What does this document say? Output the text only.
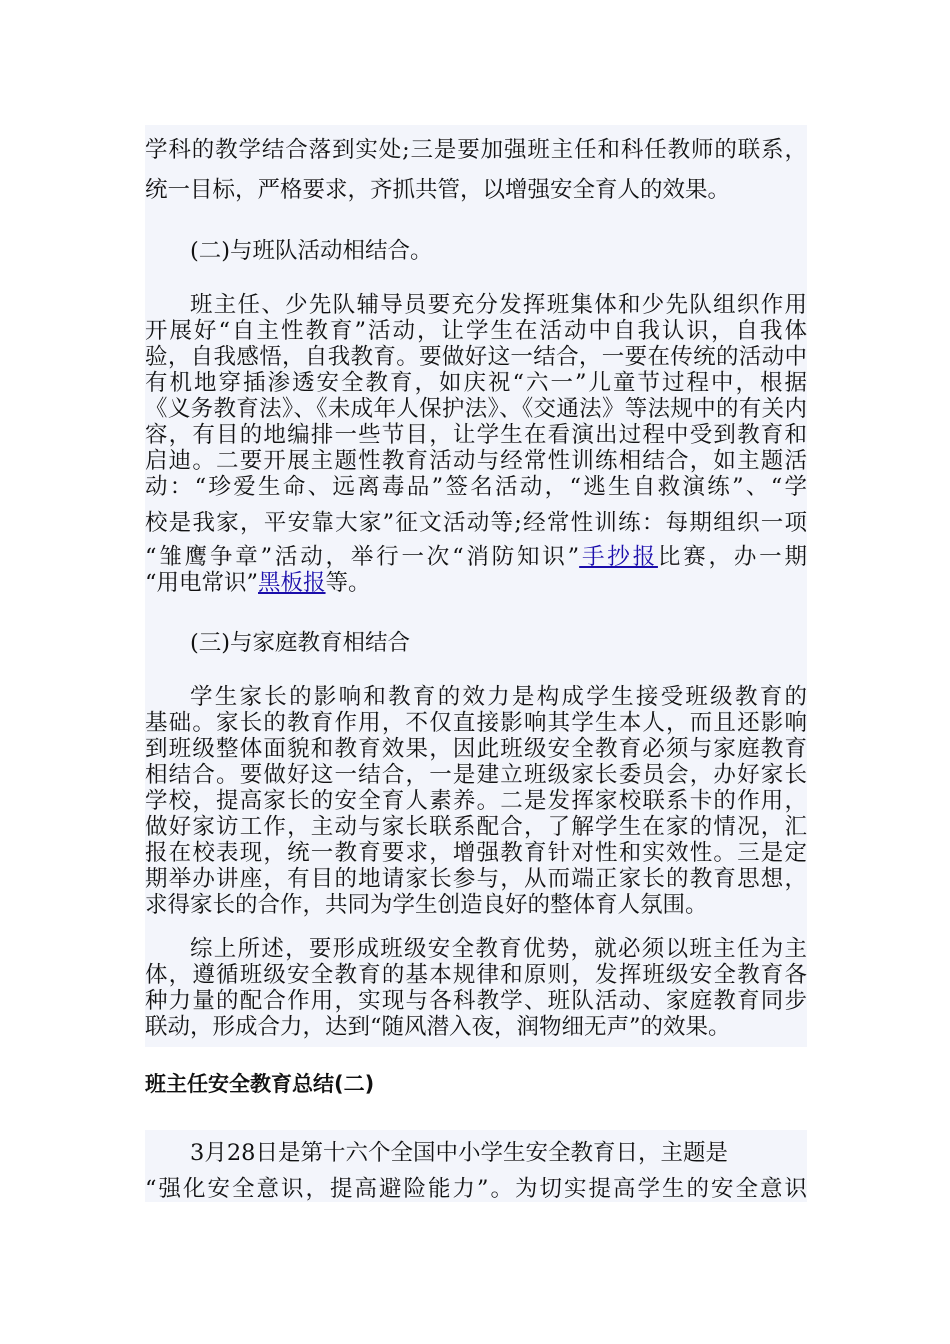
学科的教学结合落到实处;三是要加强班主任和科任教师的联系，
统一目标，严格要求，齐抓共管，以增强安全育人的效果。
(二)与班队活动相结合。
班主任、少先队辅导员要充分发挥班集体和少先队组织作用
开展好“自主性教育”活动，让学生在活动中自我认识，自我体
验，自我感悟，自我教育。要做好这一结合，一要在传统的活动中
有机地穿插渗透安全教育，如庆祝“六一”儿童节过程中，根据
《义务教育法》、《未成年人保护法》、《交通法》等法规中的有关内
容，有目的地编排一些节目，让学生在看演出过程中受到教育和
启迪。二要开展主题性教育活动与经常性训练相结合，如主题活
动：“珍爱生命、远离毒品”签名活动，“逃生自救演练”、“学
校是我家，平安靠大家”征文活动等;经常性训练：每期组织一项
“雏鹰争章”活动，举行一次“消防知识”手抄报比赛，办一期
“用电常识”黑板报等。
(三)与家庭教育相结合
学生家长的影响和教育的效力是构成学生接受班级教育的
基础。家长的教育作用，不仅直接影响其学生本人，而且还影响
到班级整体面貌和教育效果，因此班级安全教育必须与家庭教育
相结合。要做好这一结合，一是建立班级家长委员会，办好家长
学校，提高家长的安全育人素养。二是发挥家校联系卡的作用，
做好家访工作，主动与家长联系配合，了解学生在家的情况，汇
报在校表现，统一教育要求，增强教育针对性和实效性。三是定
期举办讲座，有目的地请家长参与，从而端正家长的教育思想，
求得家长的合作，共同为学生创造良好的整体育人氛围。
综上所述，要形成班级安全教育优势，就必须以班主任为主
体，遵循班级安全教育的基本规律和原则，发挥班级安全教育各
种力量的配合作用，实现与各科教学、班队活动、家庭教育同步
联动，形成合力，达到“随风潜入夜，润物细无声”的效果。
班主任安全教育总结(二)
3月28日是第十六个全国中小学生安全教育日，主题是
“强化安全意识，提高避险能力”。为切实提高学生的安全意识
